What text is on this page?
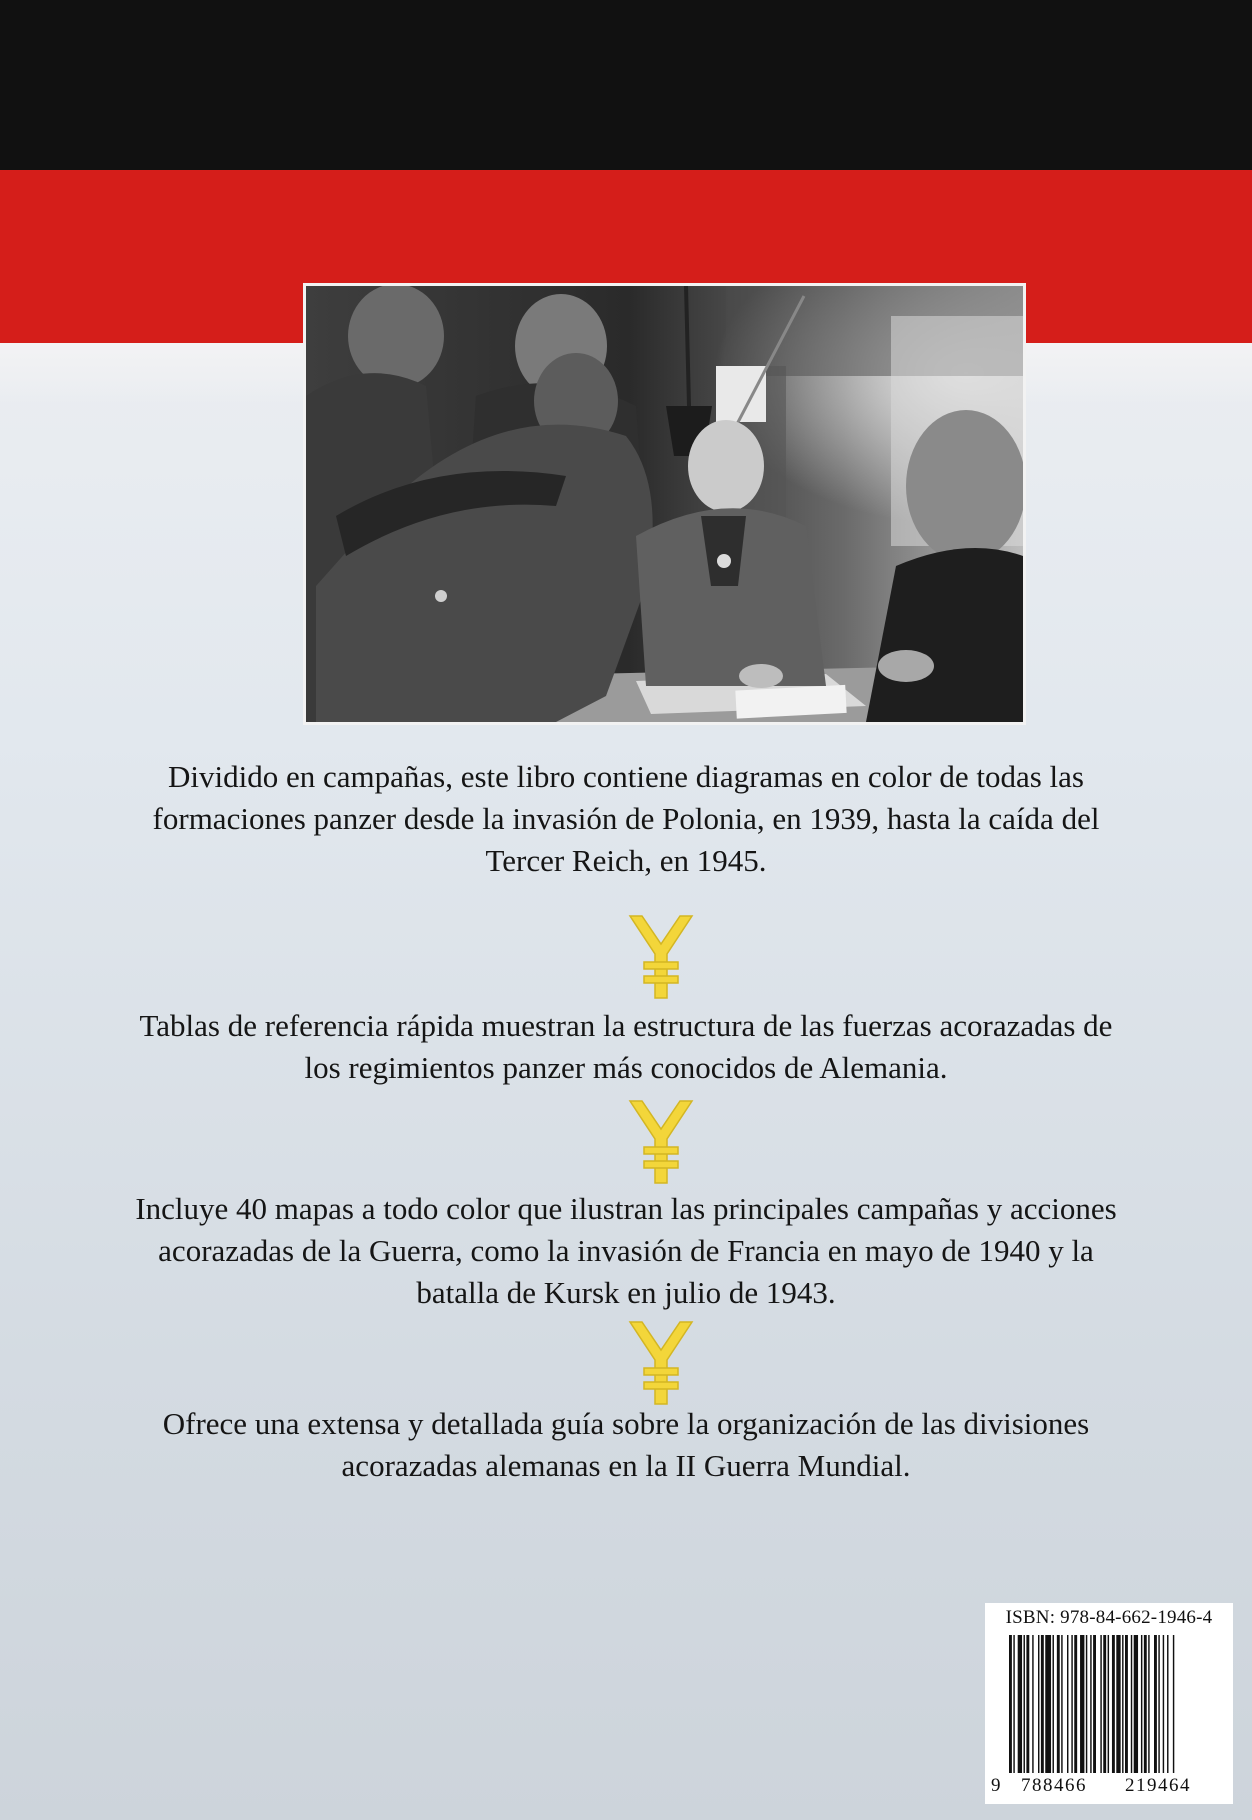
Dividido en campañas, este libro contiene diagramas en color de todas las formaciones panzer desde la invasión de Polonia, en 1939, hasta la caída del Tercer Reich, en 1945.

Tablas de referencia rápida muestran la estructura de las fuerzas acorazadas de los regimientos panzer más conocidos de Alemania.

Incluye 40 mapas a todo color que ilustran las principales campañas y acciones acorazadas de la Guerra, como la invasión de Francia en mayo de 1940 y la batalla de Kursk en julio de 1943.

Ofrece una extensa y detallada guía sobre la organización de las divisiones acorazadas alemanas en la II Guerra Mundial.

ISBN: 978-84-662-1946-4
9 788466 219464
